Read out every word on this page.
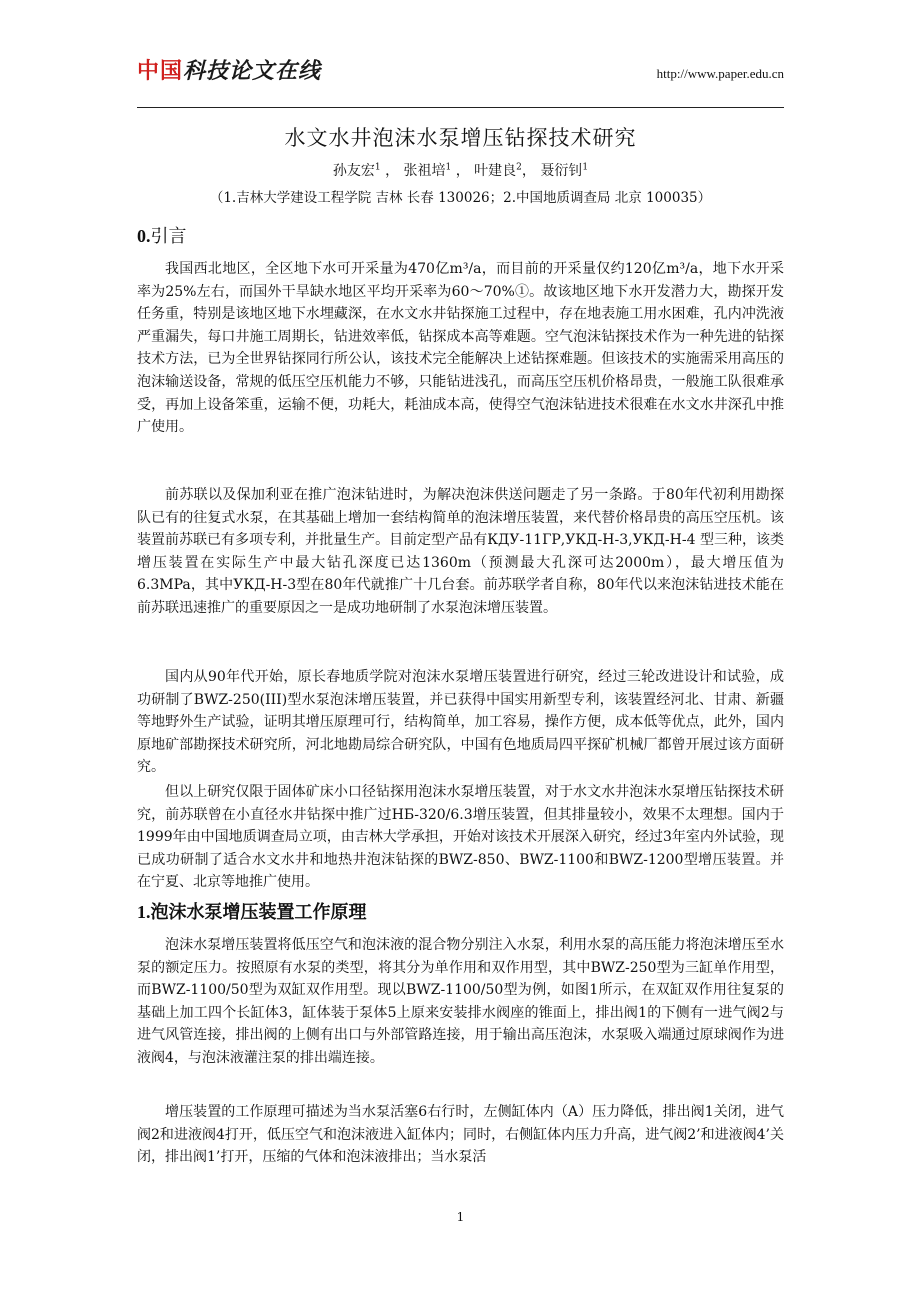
中国科技论文在线	http://www.paper.edu.cn
水文水井泡沫水泵增压钻探技术研究
孙友宏$^1$ ， 张祖培$^1$ ， 叶建良$^2$， 聂衍钊$^1$
（1.吉林大学建设工程学院 吉林 长春 130026；2.中国地质调查局 北京 100035）
0.引言

我国西北地区，全区地下水可开采量为470亿m³/a，而目前的开采量仅约120亿m³/a，地下水开采率为25%左右，而国外干旱缺水地区平均开采率为60～70%①。故该地区地下水开发潜力大，勘探开发任务重，特别是该地区地下水埋藏深，在水文水井钻探施工过程中，存在地表施工用水困难，孔内冲洗液严重漏失，每口井施工周期长，钻进效率低，钻探成本高等难题。空气泡沫钻探技术作为一种先进的钻探技术方法，已为全世界钻探同行所公认，该技术完全能解决上述钻探难题。但该技术的实施需采用高压的泡沫输送设备，常规的低压空压机能力不够，只能钻进浅孔，而高压空压机价格昂贵，一般施工队很难承受，再加上设备笨重，运输不便，功耗大，耗油成本高，使得空气泡沫钻进技术很难在水文水井深孔中推广使用。

前苏联以及保加利亚在推广泡沫钻进时，为解决泡沫供送问题走了另一条路。于80年代初利用勘探队已有的往复式水泵，在其基础上增加一套结构简单的泡沫增压装置，来代替价格昂贵的高压空压机。该装置前苏联已有多项专利，并批量生产。目前定型产品有КДУ-11ГР,УКД-Н-3,УКД-Н-4 型三种，该类增压装置在实际生产中最大钻孔深度已达1360m（预测最大孔深可达2000m），最大增压值为6.3MPa，其中УКД-Н-3型在80年代就推广十几台套。前苏联学者自称，80年代以来泡沫钻进技术能在前苏联迅速推广的重要原因之一是成功地研制了水泵泡沫增压装置。

国内从90年代开始，原长春地质学院对泡沫水泵增压装置进行研究，经过三轮改进设计和试验，成功研制了BWZ-250(III)型水泵泡沫增压装置，并已获得中国实用新型专利，该装置经河北、甘肃、新疆等地野外生产试验，证明其增压原理可行，结构简单，加工容易，操作方便，成本低等优点，此外，国内原地矿部勘探技术研究所，河北地勘局综合研究队，中国有色地质局四平探矿机械厂都曾开展过该方面研究。

但以上研究仅限于固体矿床小口径钻探用泡沫水泵增压装置，对于水文水井泡沫水泵增压钻探技术研究，前苏联曾在小直径水井钻探中推广过НБ-320/6.3增压装置，但其排量较小，效果不太理想。国内于1999年由中国地质调查局立项，由吉林大学承担，开始对该技术开展深入研究，经过3年室内外试验，现已成功研制了适合水文水井和地热井泡沫钻探的BWZ-850、BWZ-1100和BWZ-1200型增压装置。并在宁夏、北京等地推广使用。

1.泡沫水泵增压装置工作原理

泡沫水泵增压装置将低压空气和泡沫液的混合物分别注入水泵，利用水泵的高压能力将泡沫增压至水泵的额定压力。按照原有水泵的类型，将其分为单作用和双作用型，其中BWZ-250型为三缸单作用型，而BWZ-1100/50型为双缸双作用型。现以BWZ-1100/50型为例，如图1所示，在双缸双作用往复泵的基础上加工四个长缸体3，缸体装于泵体5上原来安装排水阀座的锥面上，排出阀1的下侧有一进气阀2与进气风管连接，排出阀的上侧有出口与外部管路连接，用于输出高压泡沫，水泵吸入端通过原球阀作为进液阀4，与泡沫液灌注泵的排出端连接。

增压装置的工作原理可描述为当水泵活塞6右行时，左侧缸体内（A）压力降低，排出阀1关闭，进气阀2和进液阀4打开，低压空气和泡沫液进入缸体内；同时，右侧缸体内压力升高，进气阀2’和进液阀4’关闭，排出阀1’打开，压缩的气体和泡沫液排出；当水泵活

1
